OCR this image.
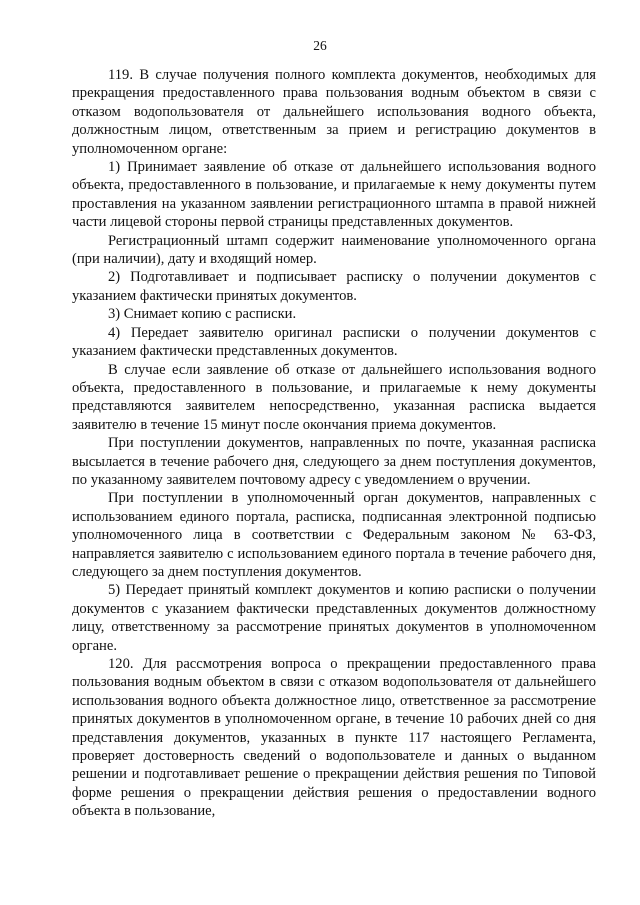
26

119. В случае получения полного комплекта документов, необходимых для прекращения предоставленного права пользования водным объектом в связи с отказом водопользователя от дальнейшего использования водного объекта, должностным лицом, ответственным за прием и регистрацию документов в уполномоченном органе:

1) Принимает заявление об отказе от дальнейшего использования водного объекта, предоставленного в пользование, и прилагаемые к нему документы путем проставления на указанном заявлении регистрационного штампа в правой нижней части лицевой стороны первой страницы представленных документов.

Регистрационный штамп содержит наименование уполномоченного органа (при наличии), дату и входящий номер.

2) Подготавливает и подписывает расписку о получении документов с указанием фактически принятых документов.

3) Снимает копию с расписки.

4) Передает заявителю оригинал расписки о получении документов с указанием фактически представленных документов.

В случае если заявление об отказе от дальнейшего использования водного объекта, предоставленного в пользование, и прилагаемые к нему документы представляются заявителем непосредственно, указанная расписка выдается заявителю в течение 15 минут после окончания приема документов.

При поступлении документов, направленных по почте, указанная расписка высылается в течение рабочего дня, следующего за днем поступления документов, по указанному заявителем почтовому адресу с уведомлением о вручении.

При поступлении в уполномоченный орган документов, направленных с использованием единого портала, расписка, подписанная электронной подписью уполномоченного лица в соответствии с Федеральным законом № 63-ФЗ, направляется заявителю с использованием единого портала в течение рабочего дня, следующего за днем поступления документов.

5) Передает принятый комплект документов и копию расписки о получении документов с указанием фактически представленных документов должностному лицу, ответственному за рассмотрение принятых документов в уполномоченном органе.

120. Для рассмотрения вопроса о прекращении предоставленного права пользования водным объектом в связи с отказом водопользователя от дальнейшего использования водного объекта должностное лицо, ответственное за рассмотрение принятых документов в уполномоченном органе, в течение 10 рабочих дней со дня представления документов, указанных в пункте 117 настоящего Регламента, проверяет достоверность сведений о водопользователе и данных о выданном решении и подготавливает решение о прекращении действия решения по Типовой форме решения о прекращении действия решения о предоставлении водного объекта в пользование,
